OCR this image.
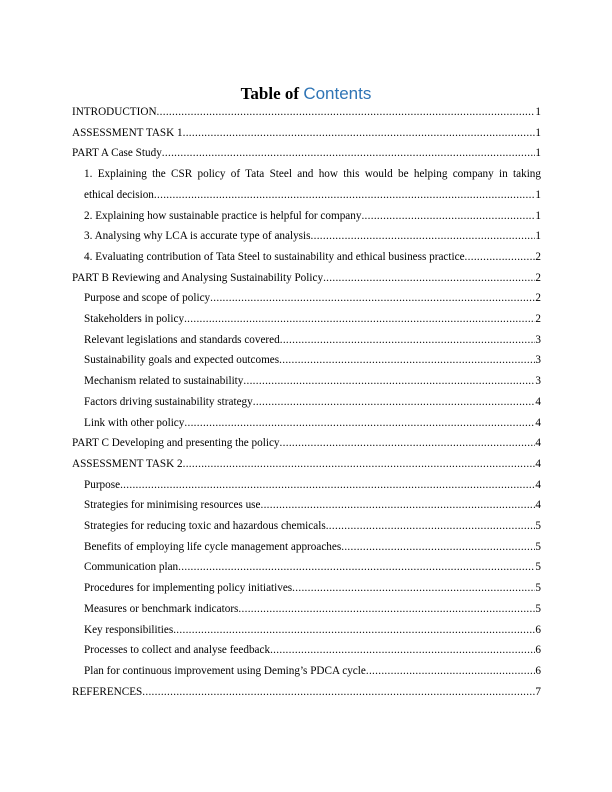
Table of Contents
INTRODUCTION .....	1
ASSESSMENT TASK 1 .....	1
PART A Case Study .....	1
1. Explaining the CSR policy of Tata Steel and how this would be helping company in taking
ethical decision .....	1
2. Explaining how sustainable practice is helpful for company .....	1
3. Analysing why LCA is accurate type of analysis .....	1
4. Evaluating contribution of Tata Steel to sustainability and ethical business practice .....	2
PART B Reviewing and Analysing Sustainability Policy .....	2
Purpose and scope of policy .....	2
Stakeholders in policy .....	2
Relevant legislations and standards covered .....	3
Sustainability goals and expected outcomes .....	3
Mechanism related to sustainability .....	3
Factors driving sustainability strategy .....	4
Link with other policy .....	4
PART C Developing and presenting the policy .....	4
ASSESSMENT TASK 2 .....	4
Purpose .....	4
Strategies for minimising resources use .....	4
Strategies for reducing toxic and hazardous chemicals .....	5
Benefits of employing life cycle management approaches .....	5
Communication plan .....	5
Procedures for implementing policy initiatives .....	5
Measures or benchmark indicators .....	5
Key responsibilities .....	6
Processes to collect and analyse feedback .....	6
Plan for continuous improvement using Deming’s PDCA cycle .....	6
REFERENCES .....	7
